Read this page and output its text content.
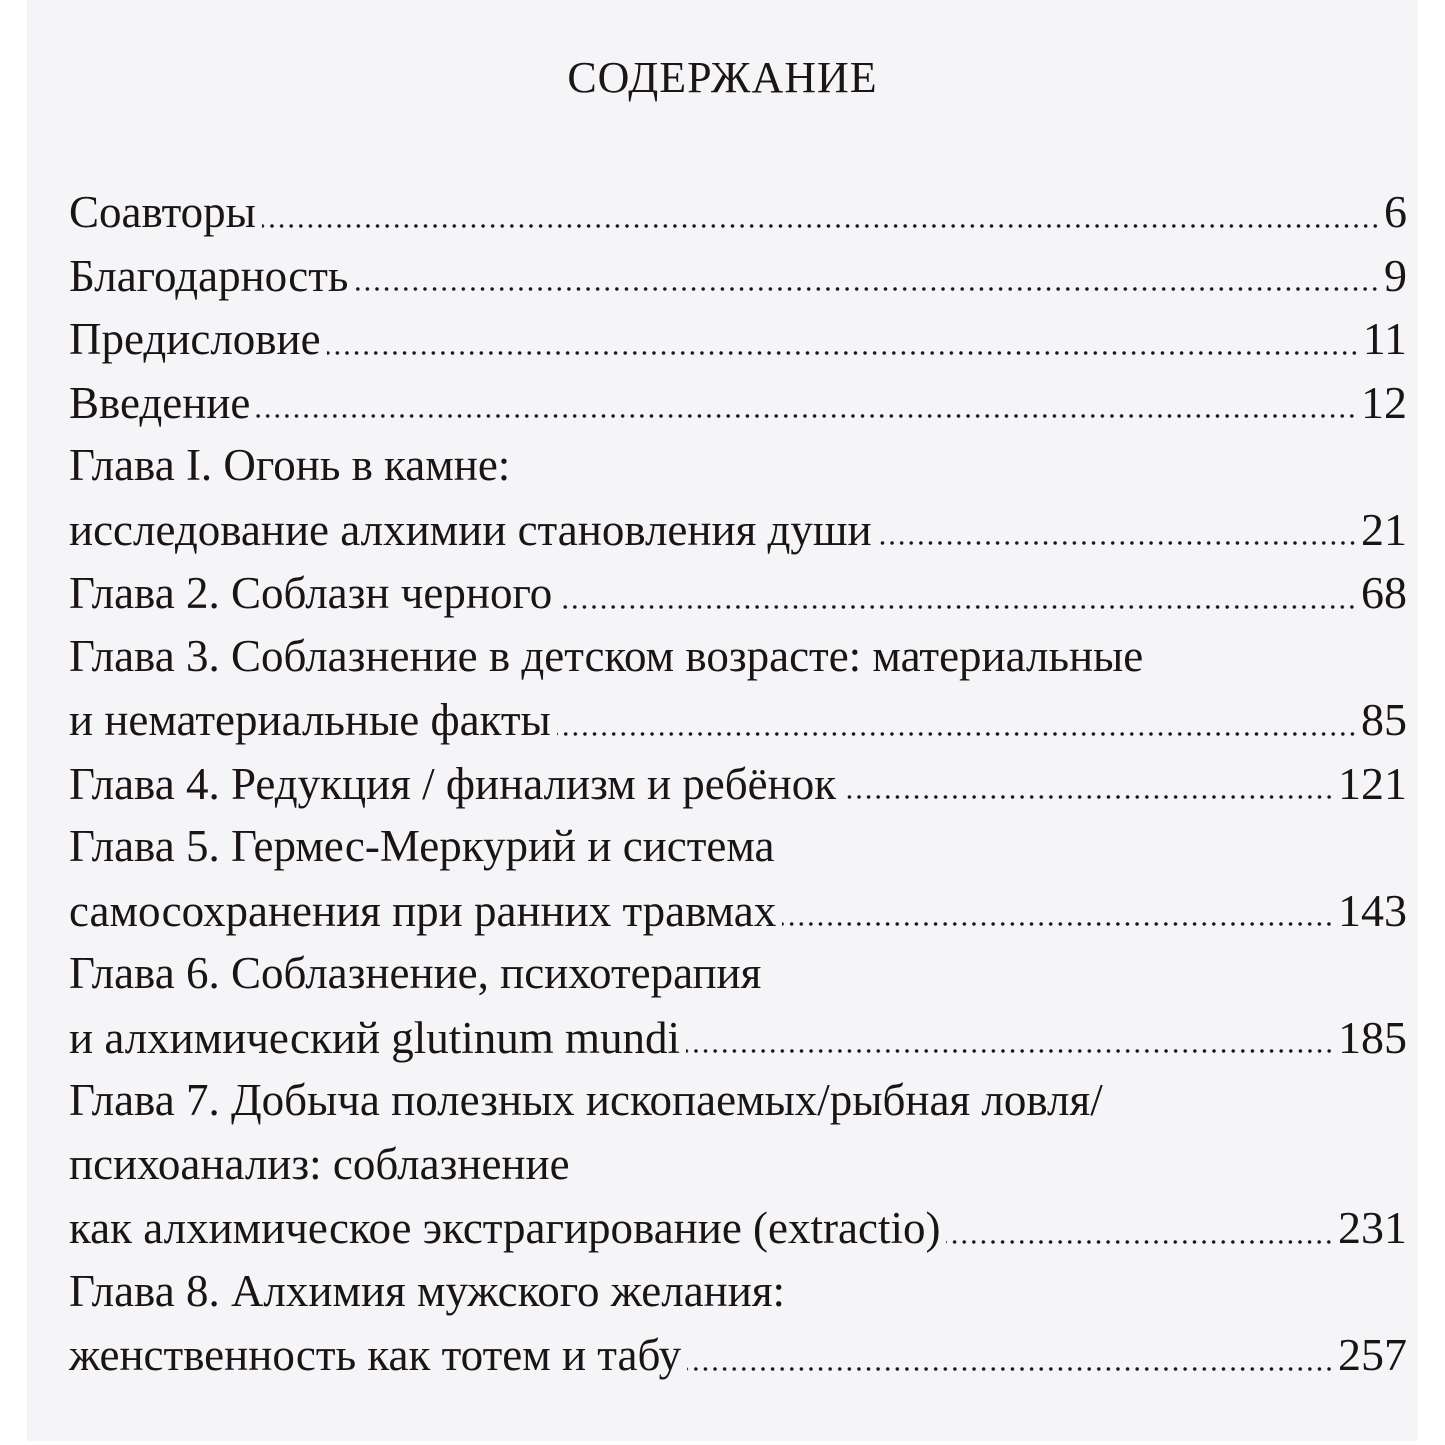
СОДЕРЖАНИЕ
Соавторы	6
Благодарность	9
Предисловие	11
Введение	12
Глава I. Огонь в камне:
исследование алхимии становления души	21
Глава 2. Соблазн черного	68
Глава 3. Соблазнение в детском возрасте: материальные
и нематериальные факты	85
Глава 4. Редукция / финализм и ребёнок	121
Глава 5. Гермес-Меркурий и система
самосохранения при ранних травмах	143
Глава 6. Соблазнение, психотерапия
и алхимический glutinum mundi	185
Глава 7. Добыча полезных ископаемых/рыбная ловля/
психоанализ: соблазнение
как алхимическое экстрагирование (extractio)	231
Глава 8. Алхимия мужского желания:
женственность как тотем и табу	257
